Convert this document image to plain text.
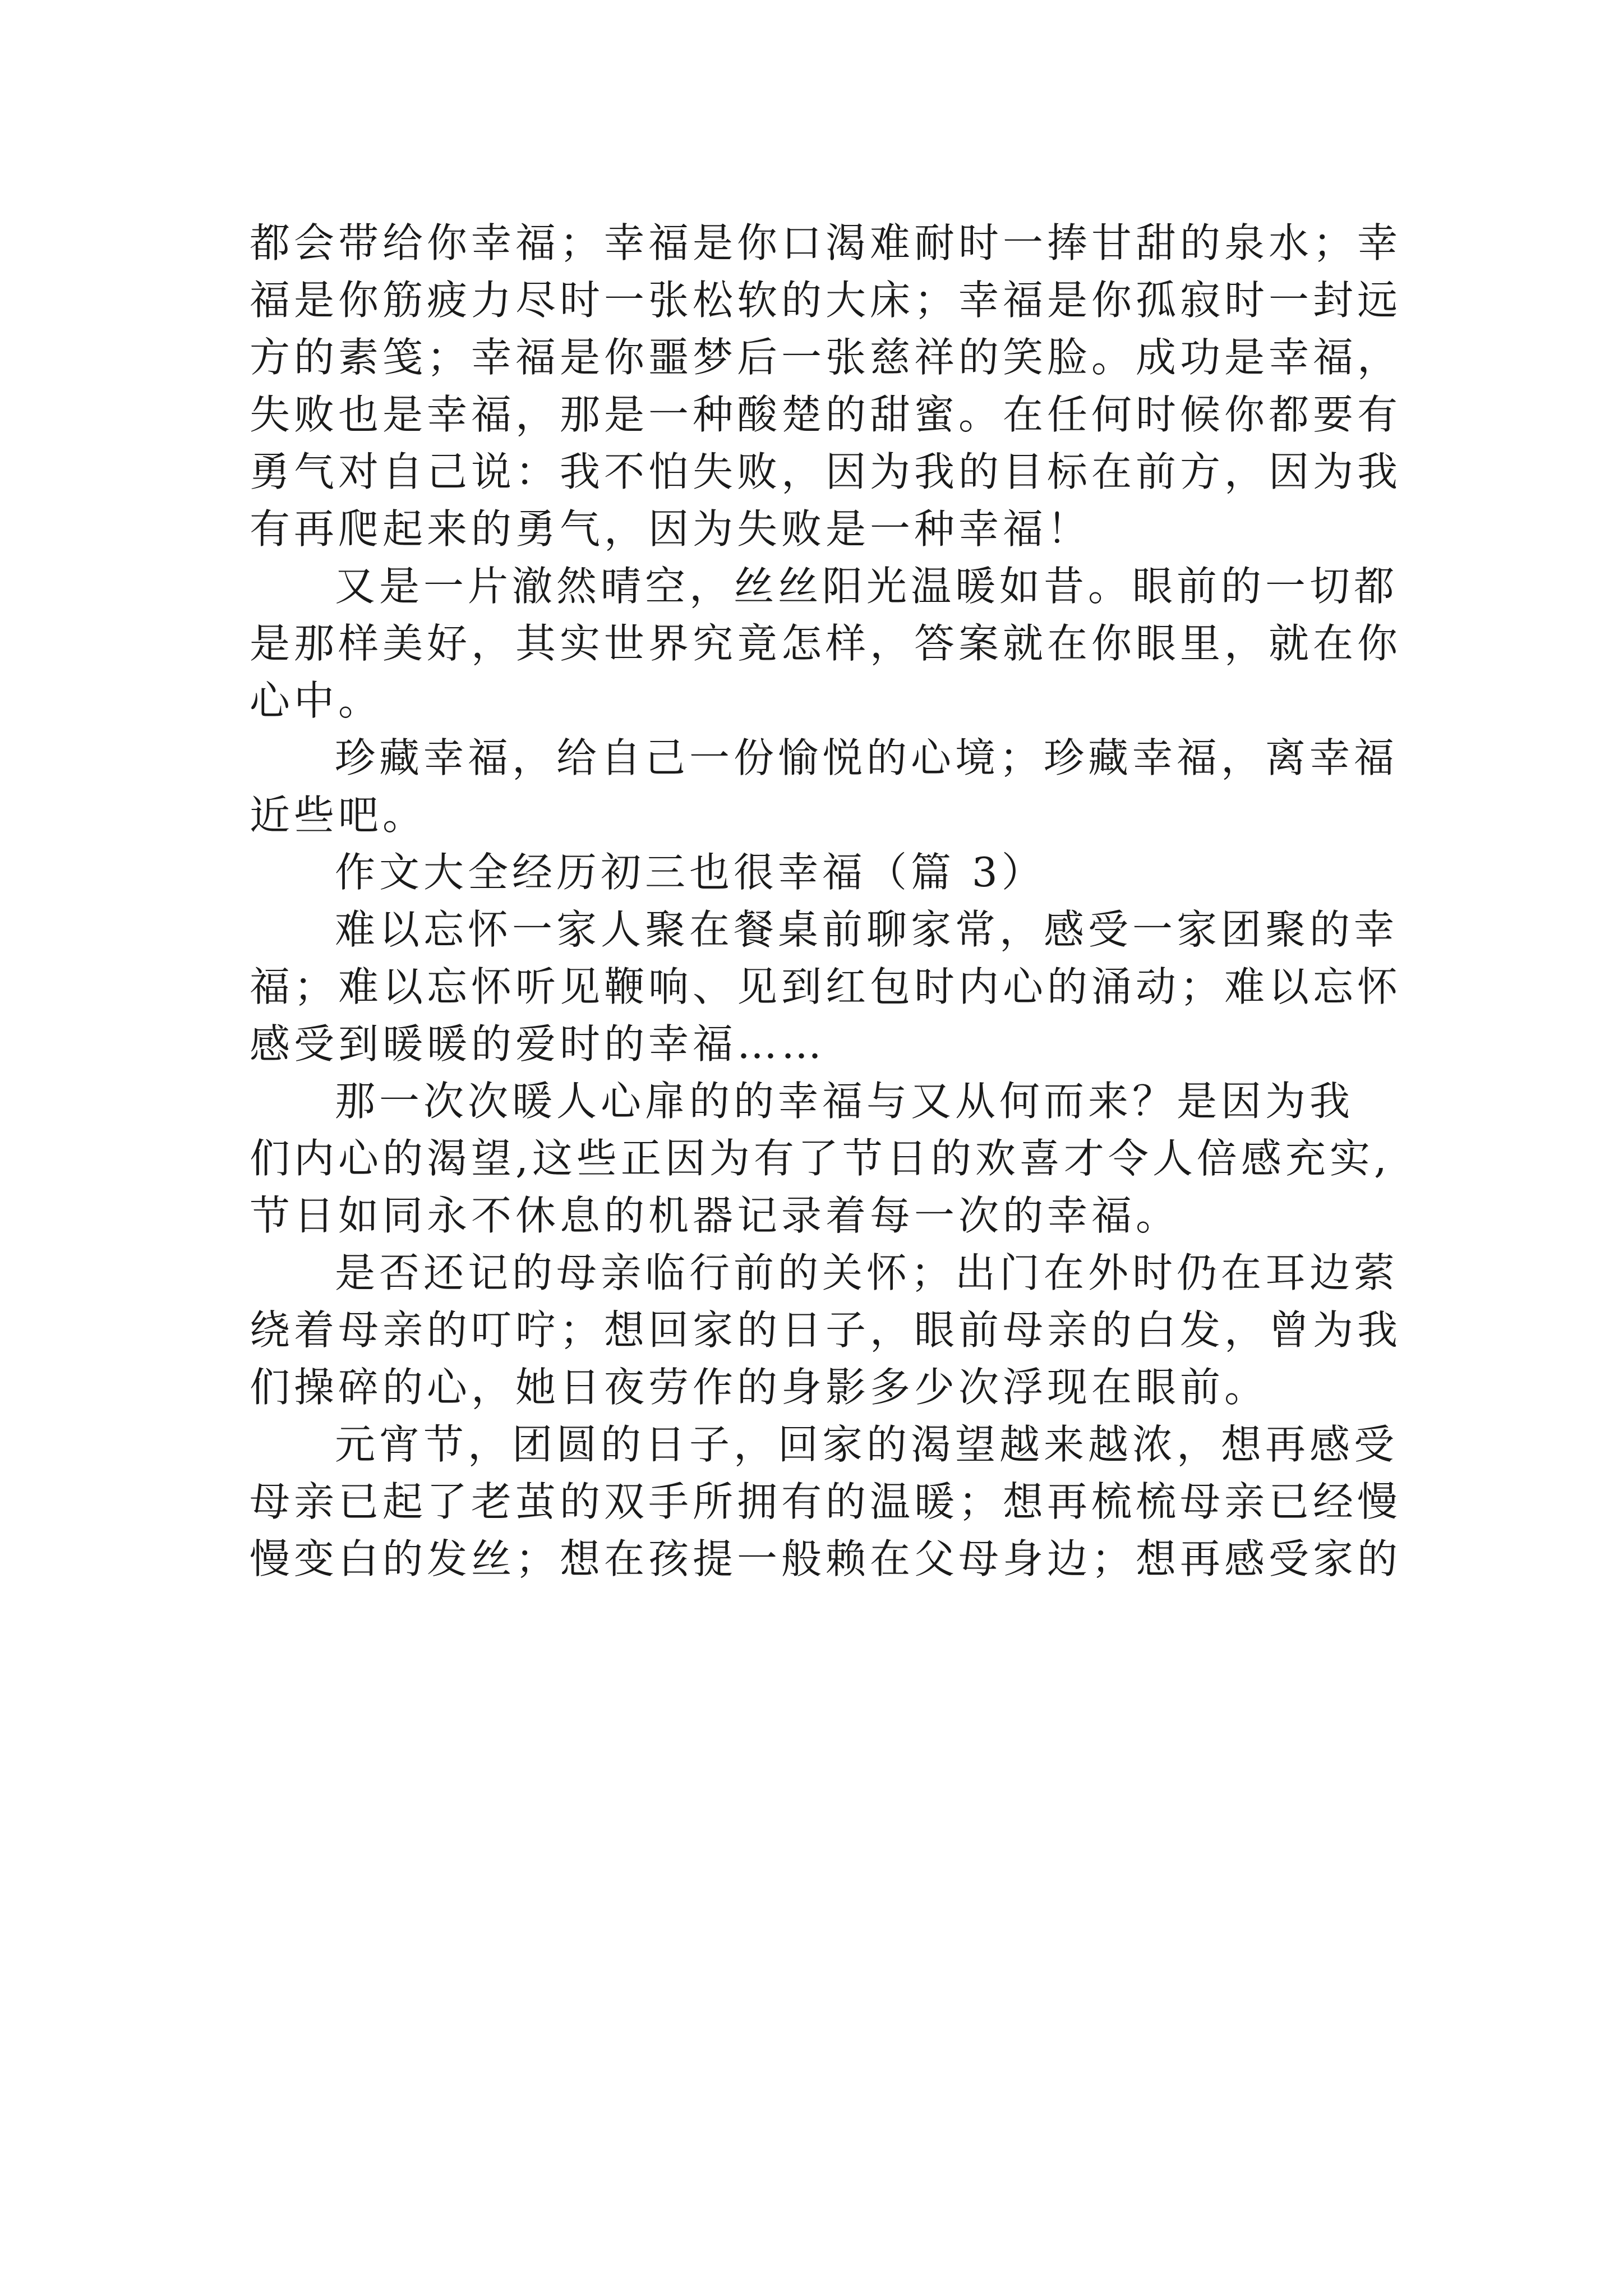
都会带给你幸福；幸福是你口渴难耐时一捧甘甜的泉水；幸
福是你筋疲力尽时一张松软的大床；幸福是你孤寂时一封远
方的素笺；幸福是你噩梦后一张慈祥的笑脸。成功是幸福，
失败也是幸福，那是一种酸楚的甜蜜。在任何时候你都要有
勇气对自己说：我不怕失败，因为我的目标在前方，因为我
有再爬起来的勇气，因为失败是一种幸福！
又是一片澈然晴空，丝丝阳光温暖如昔。眼前的一切都
是那样美好，其实世界究竟怎样，答案就在你眼里，就在你
心中。
珍藏幸福，给自己一份愉悦的心境；珍藏幸福，离幸福
近些吧。
作文大全经历初三也很幸福（篇 3）
难以忘怀一家人聚在餐桌前聊家常，感受一家团聚的幸
福；难以忘怀听见鞭响、见到红包时内心的涌动；难以忘怀
感受到暖暖的爱时的幸福……
那一次次暖人心扉的的幸福与又从何而来？是因为我
们内心的渴望,这些正因为有了节日的欢喜才令人倍感充实,
节日如同永不休息的机器记录着每一次的幸福。
是否还记的母亲临行前的关怀；出门在外时仍在耳边萦
绕着母亲的叮咛；想回家的日子，眼前母亲的白发，曾为我
们操碎的心，她日夜劳作的身影多少次浮现在眼前。
元宵节，团圆的日子，回家的渴望越来越浓，想再感受
母亲已起了老茧的双手所拥有的温暖；想再梳梳母亲已经慢
慢变白的发丝；想在孩提一般赖在父母身边；想再感受家的
